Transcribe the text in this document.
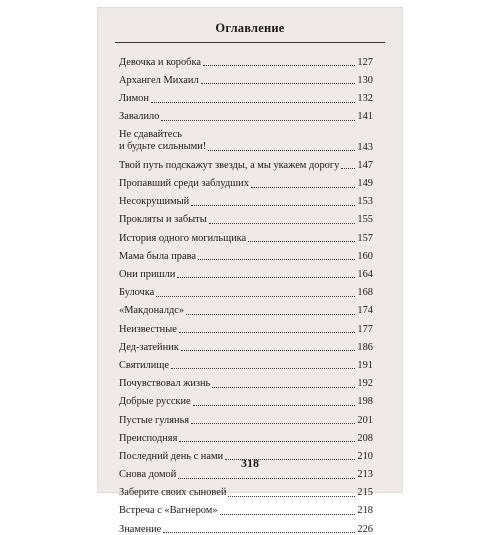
Оглавление
Девочка и коробка	127
Архангел Михаил	130
Лимон	132
Завалило	141
Не сдавайтесь
и будьте сильными!	143
Твой путь подскажут звезды, а мы укажем дорогу 147
Пропавший среди заблудших	149
Несокрушимый	153
Прокляты и забыты	155
История одного могильщика	157
Мама была права	160
Они пришли	164
Булочка	168
«Макдоналдс»	174
Неизвестные	177
Дед-затейник	186
Святилище	191
Почувствовал жизнь	192
Добрые русские	198
Пустые гулянья	201
Преисподняя	208
Последний день с нами	210
Снова домой	213
Заберите своих сыновей	215
Встреча с «Вагнером»	218
Знамение	226
318
